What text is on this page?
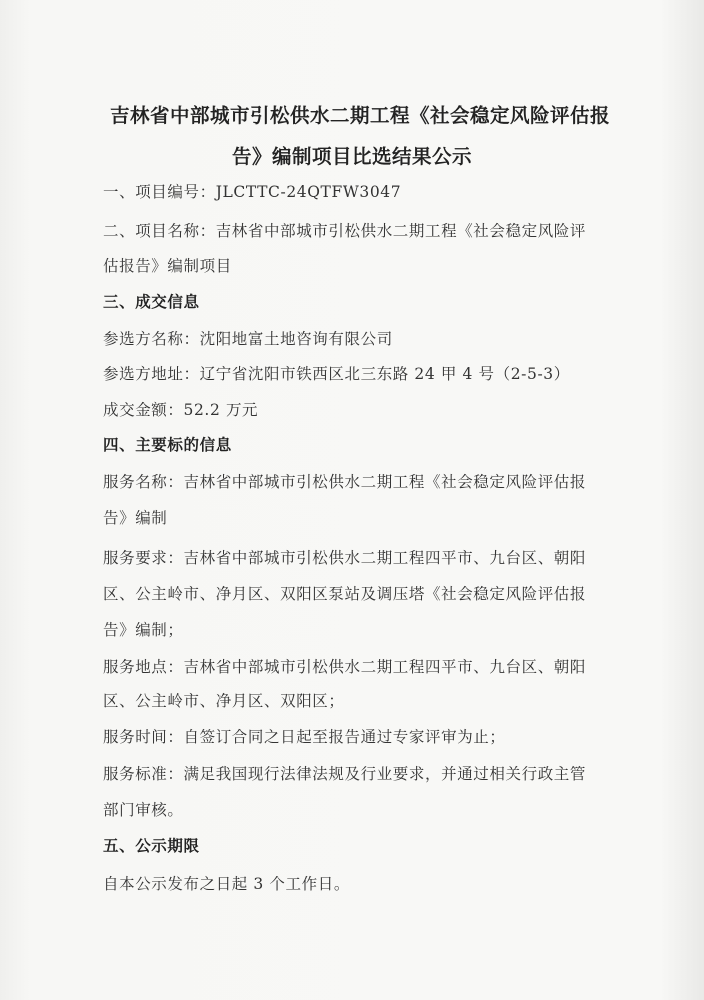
吉林省中部城市引松供水二期工程《社会稳定风险评估报
告》编制项目比选结果公示
一、项目编号：JLCTTC-24QTFW3047
二、项目名称：吉林省中部城市引松供水二期工程《社会稳定风险评
估报告》编制项目
三、成交信息
参选方名称：沈阳地富土地咨询有限公司
参选方地址：辽宁省沈阳市铁西区北三东路 24 甲 4 号（2-5-3）
成交金额：52.2 万元
四、主要标的信息
服务名称：吉林省中部城市引松供水二期工程《社会稳定风险评估报
告》编制
服务要求：吉林省中部城市引松供水二期工程四平市、九台区、朝阳
区、公主岭市、净月区、双阳区泵站及调压塔《社会稳定风险评估报
告》编制；
服务地点：吉林省中部城市引松供水二期工程四平市、九台区、朝阳
区、公主岭市、净月区、双阳区；
服务时间：自签订合同之日起至报告通过专家评审为止；
服务标准：满足我国现行法律法规及行业要求，并通过相关行政主管
部门审核。
五、公示期限
自本公示发布之日起 3 个工作日。
